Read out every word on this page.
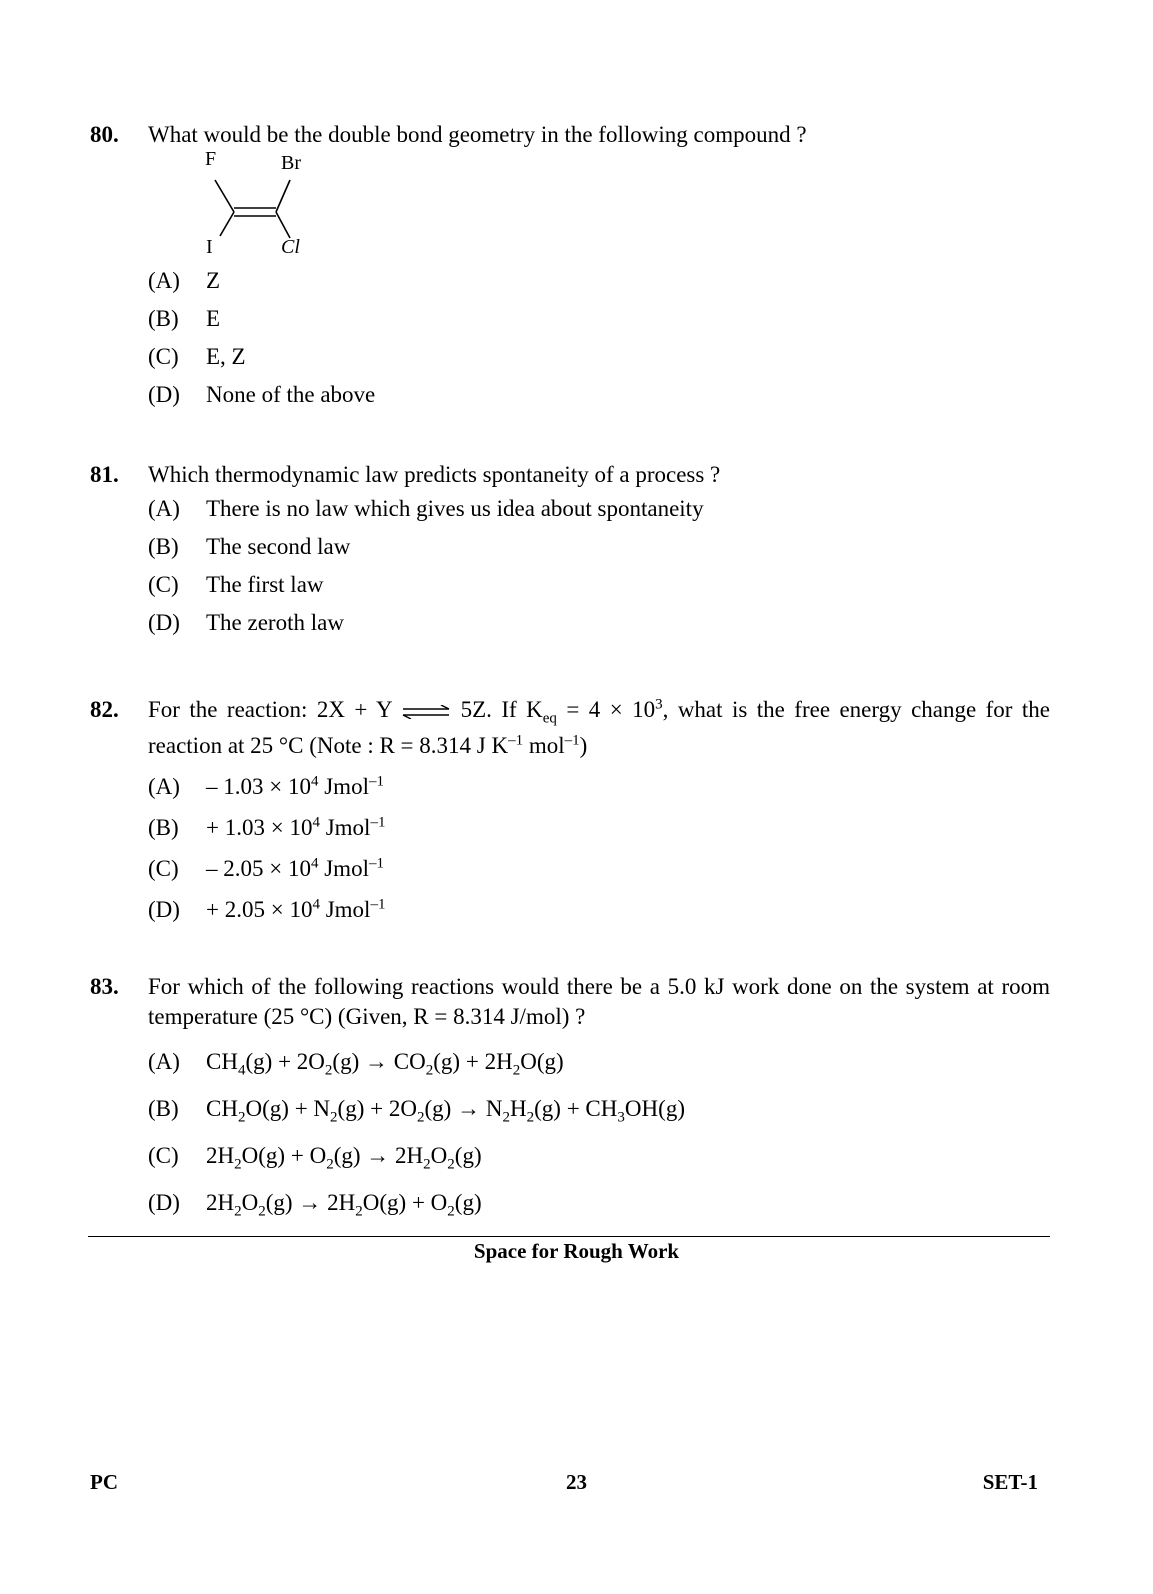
80.	What would be the double bond geometry in the following compound ?
F	Br
I	Cl
(A)	Z
(B)	E
(C)	E, Z
(D)	None of the above
81.	Which thermodynamic law predicts spontaneity of a process ?
(A)	There is no law which gives us idea about spontaneity
(B)	The second law
(C)	The first law
(D)	The zeroth law
82.	For the reaction: 2X + Y ⇌ 5Z. If $K_{eq} = 4 \times 10^3$, what is the free energy change for the reaction at 25 °C (Note : R = 8.314 J $K^{-1}$ mol$^{-1}$)
(A)	– $1.03 \times 10^4$ Jmol$^{-1}$
(B)	+ $1.03 \times 10^4$ Jmol$^{-1}$
(C)	– $2.05 \times 10^4$ Jmol$^{-1}$
(D)	+ $2.05 \times 10^4$ Jmol$^{-1}$
83.	For which of the following reactions would there be a 5.0 kJ work done on the system at room temperature (25 °C) (Given, R = 8.314 J/mol) ?
(A)	$CH_4(g) + 2O_2(g) \to CO_2(g) + 2H_2O(g)$
(B)	$CH_2O(g) + N_2(g) + 2O_2(g) \to N_2H_2(g) + CH_3OH(g)$
(C)	$2H_2O(g) + O_2(g) \to 2H_2O_2(g)$
(D)	$2H_2O_2(g) \to 2H_2O(g) + O_2(g)$
Space for Rough Work
PC	23	SET-1
